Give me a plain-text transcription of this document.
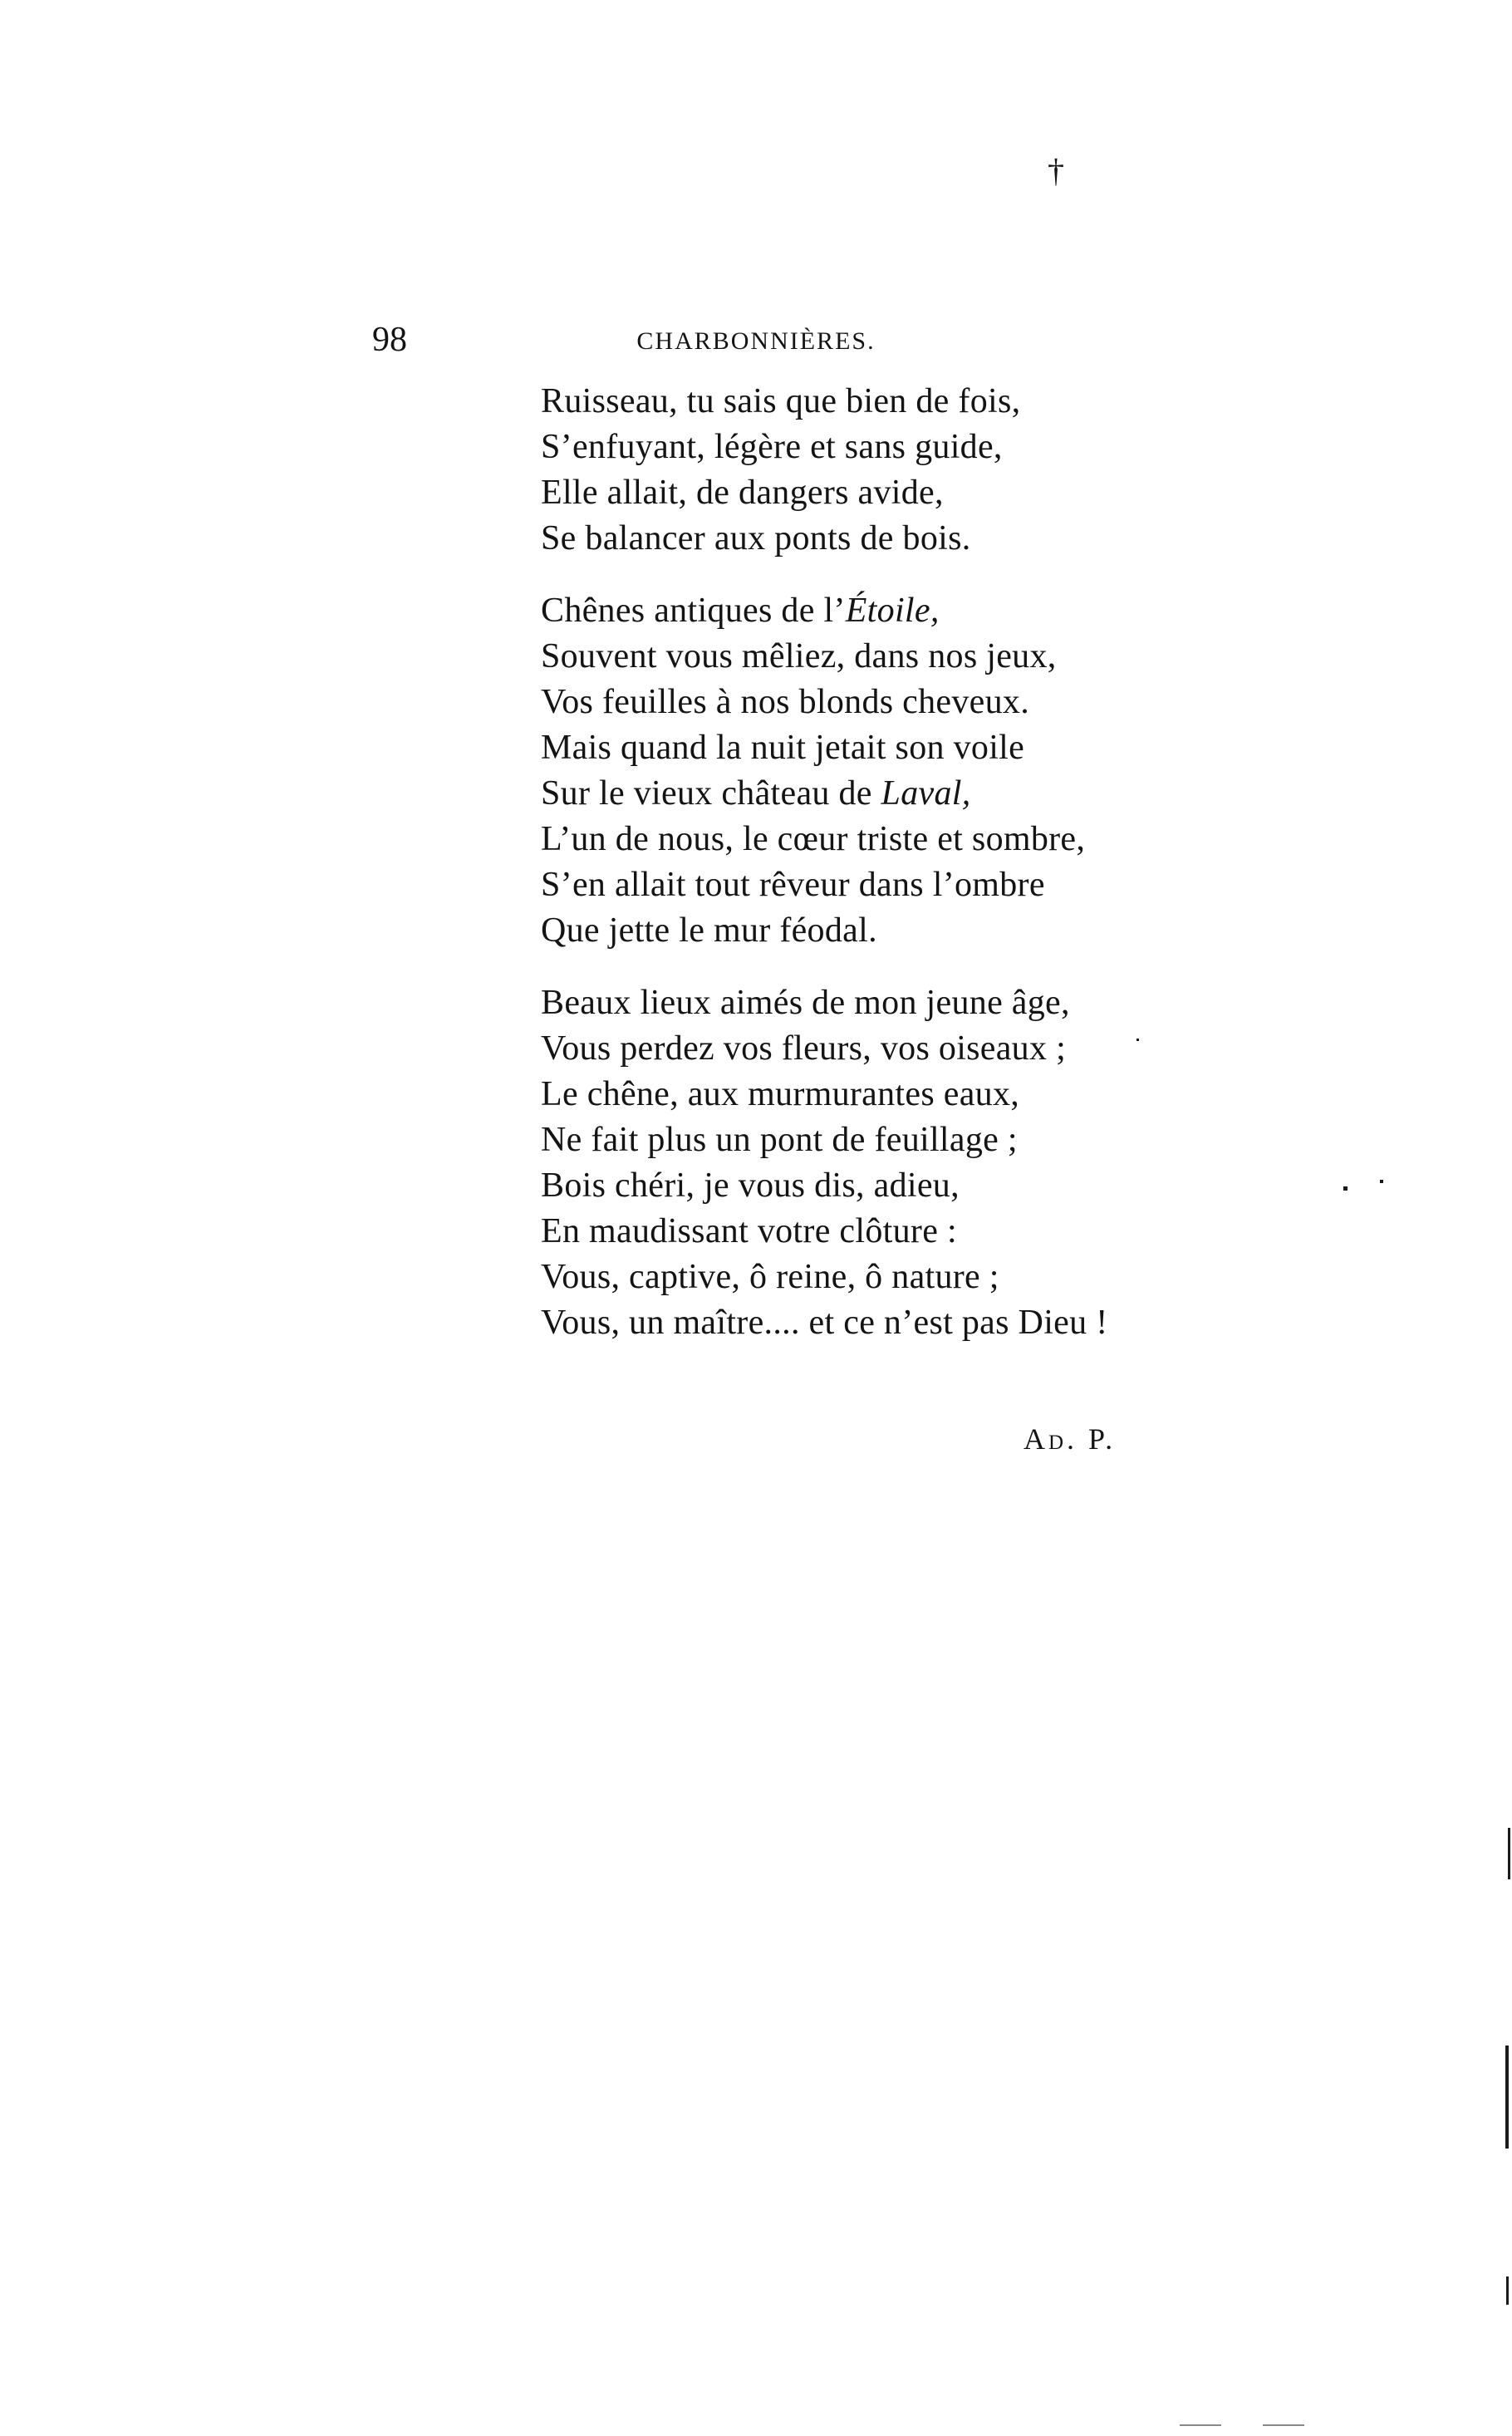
†
98	CHARBONNIÈRES.
Ruisseau, tu sais que bien de fois,
S’enfuyant, légère et sans guide,
Elle allait, de dangers avide,
Se balancer aux ponts de bois.
Chênes antiques de l’Étoile,
Souvent vous mêliez, dans nos jeux,
Vos feuilles à nos blonds cheveux.
Mais quand la nuit jetait son voile
Sur le vieux château de Laval,
L’un de nous, le cœur triste et sombre,
S’en allait tout rêveur dans l’ombre
Que jette le mur féodal.
Beaux lieux aimés de mon jeune âge,
Vous perdez vos fleurs, vos oiseaux ;
Le chêne, aux murmurantes eaux,
Ne fait plus un pont de feuillage ;
Bois chéri, je vous dis, adieu,
En maudissant votre clôture :
Vous, captive, ô reine, ô nature ;
Vous, un maître.... et ce n’est pas Dieu !
Ad. P.
